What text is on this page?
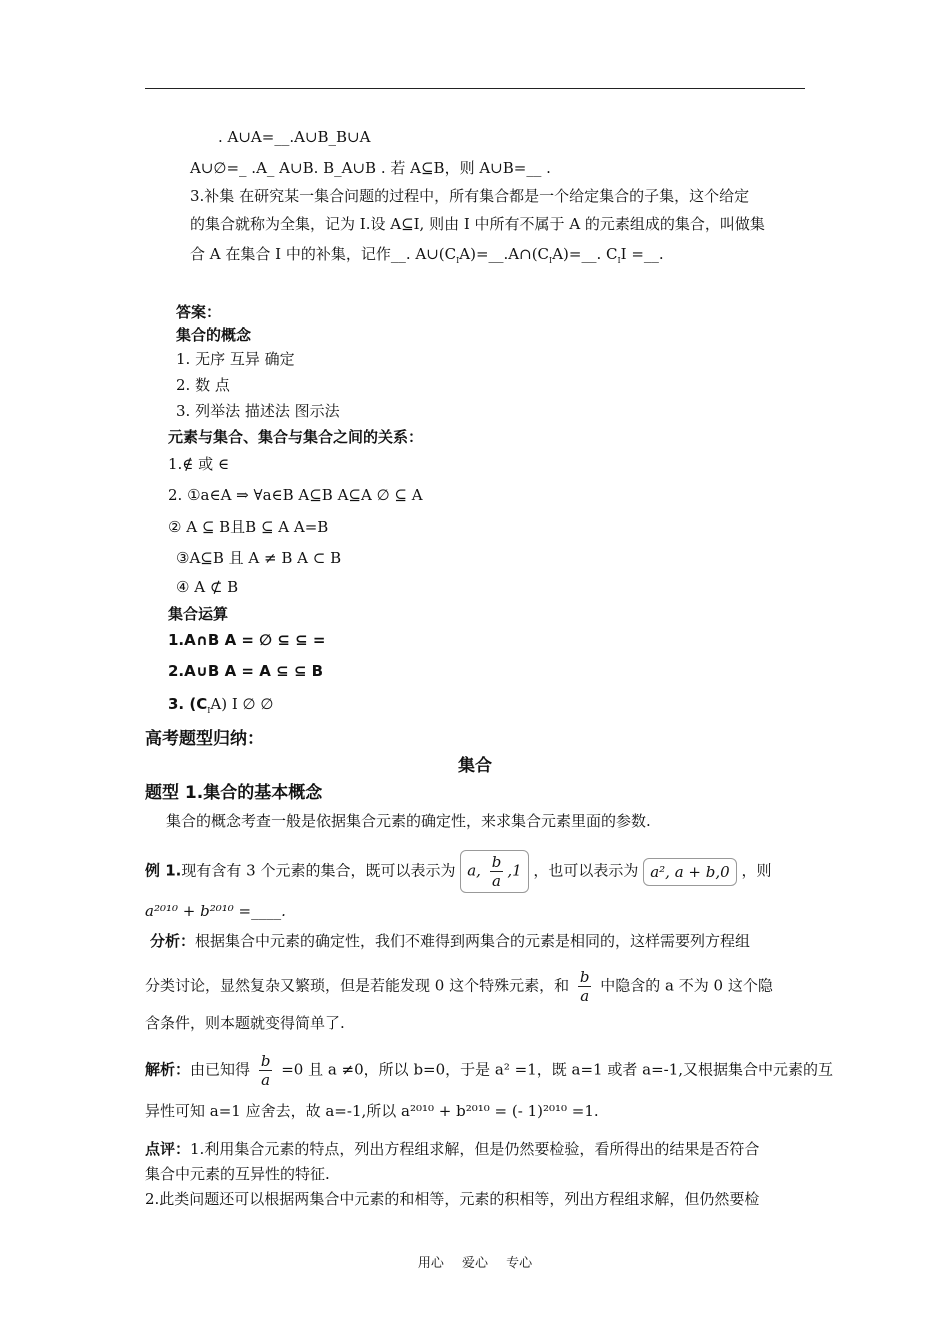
. A∪A=__.A∪B_B∪A
A∪∅=_ .A_ A∪B. B_A∪B . 若 A⊆B，则 A∪B=__ .
3.补集 在研究某一集合问题的过程中，所有集合都是一个给定集合的子集，这个给定
的集合就称为全集，记为 I.设 A⊆I, 则由 I 中所有不属于 A 的元素组成的集合，叫做集
合 A 在集合 I 中的补集，记作__. $A\cup(C_IA)=\_\_.A\cap(C_IA)=\_\_$. $C_II$ =__.
答案：
集合的概念
1. 无序 互异 确定
2. 数 点
3. 列举法 描述法 图示法
元素与集合、集合与集合之间的关系：
1.∉ 或 ∈
2. ①a∈A ⇒ ∀a∈B A⊆B A⊆A ∅ ⊆ A
② A ⊆ B且B ⊆ A A=B
③A⊆B 且 A ≠ B A ⊂ B
④ A ⊄ B
集合运算
1.A∩B A = ∅ ⊆ ⊆ =
2.A∪B A = A ⊆ ⊆ B
3. $(C_IA)$ I ∅ ∅
高考题型归纳：
集合
题型 1.集合的基本概念
集合的概念考查一般是依据集合元素的确定性，来求集合元素里面的参数.
例 1.现有含有 3 个元素的集合，既可以表示为 a, $\frac{b}{a} ,1$ ，也可以表示为 a², a + b,0 ，则
a²⁰¹⁰ + b²⁰¹⁰ =____.
分析：根据集合中元素的确定性，我们不难得到两集合的元素是相同的，这样需要列方程组
分类讨论，显然复杂又繁琐，但是若能发现 0 这个特殊元素，和 $\frac{b}{a}$ 中隐含的 a 不为 0 这个隐
含条件，则本题就变得简单了.
解析：由已知得 $\frac{b}{a} =0$ 且 a ≠0，所以 b=0，于是 a² =1，既 a=1 或者 a=-1,又根据集合中元素的互
异性可知 a=1 应舍去，故 a=-1,所以 a²⁰¹⁰ + b²⁰¹⁰ = (- 1)²⁰¹⁰ =1.
点评：1.利用集合元素的特点，列出方程组求解，但是仍然要检验，看所得出的结果是否符合
集合中元素的互异性的特征.
2.此类问题还可以根据两集合中元素的和相等，元素的积相等，列出方程组求解，但仍然要检
用心 爱心 专心
